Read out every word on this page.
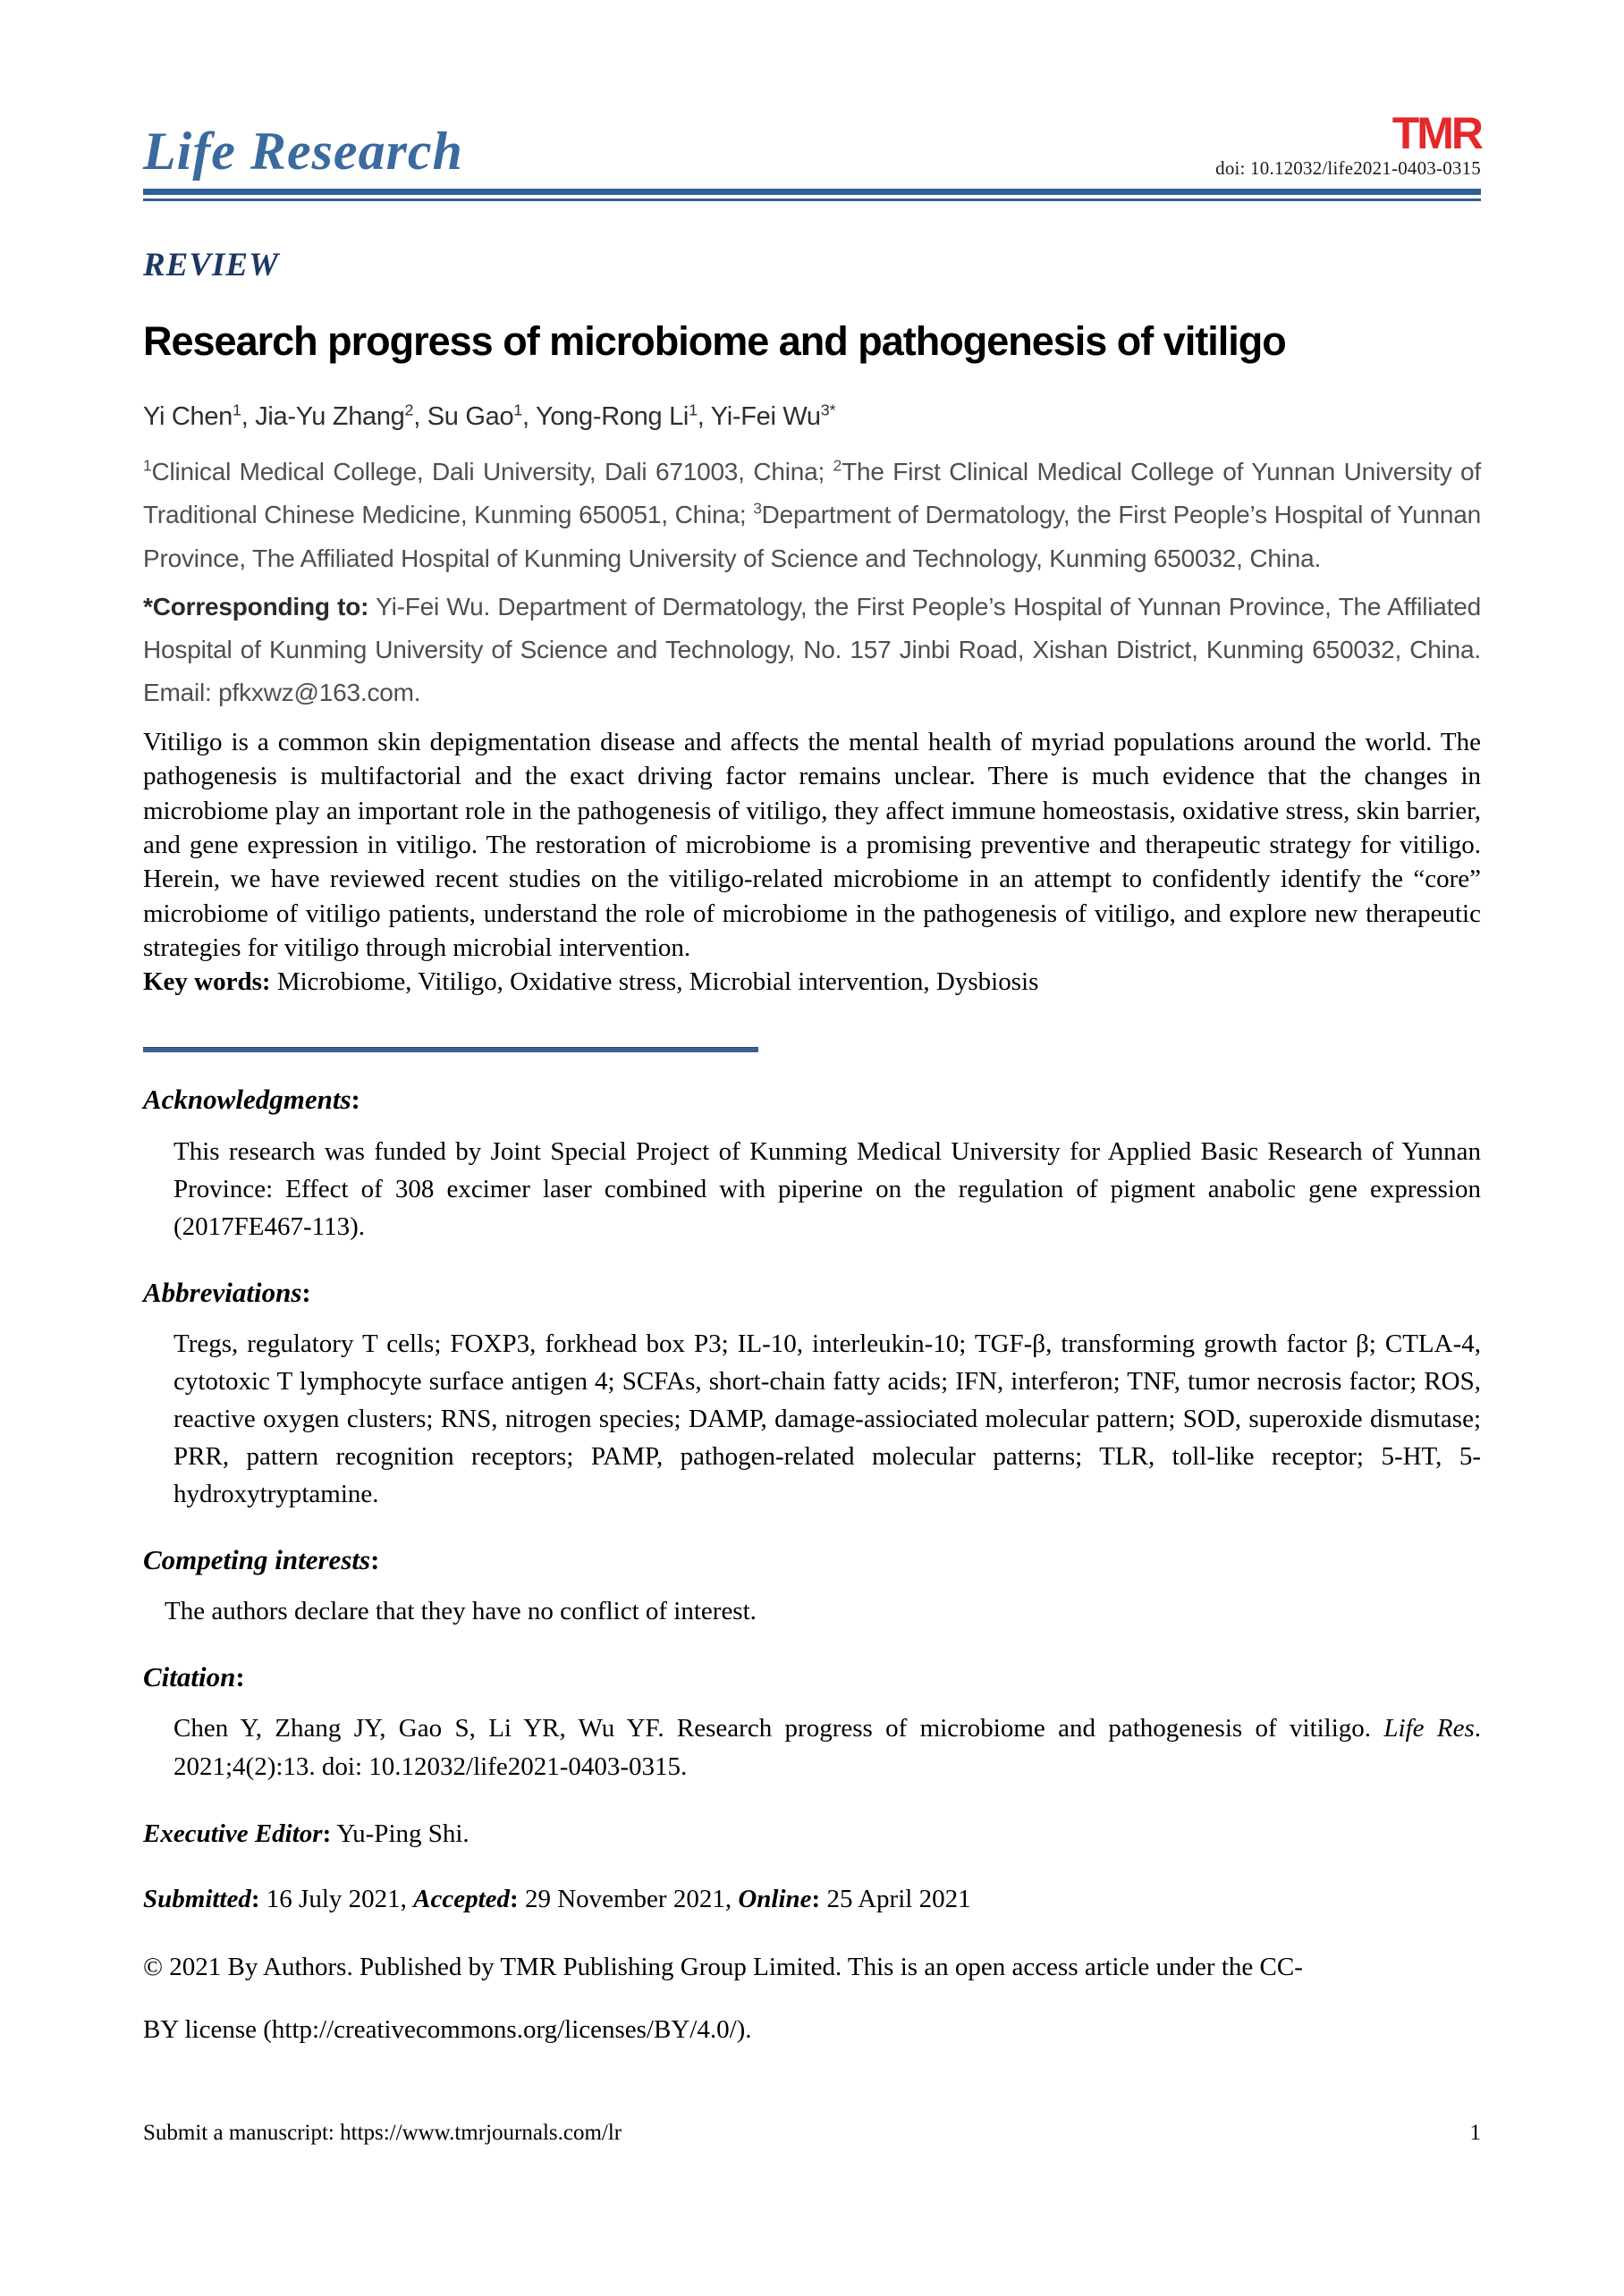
Life Research	TMR
doi: 10.12032/life2021-0403-0315
REVIEW
Research progress of microbiome and pathogenesis of vitiligo
Yi Chen$^1$, Jia-Yu Zhang$^2$, Su Gao$^1$, Yong-Rong Li$^1$, Yi-Fei $Wu^{3*}$
$^1$Clinical Medical College, Dali University, Dali 671003, China; $^2$The First Clinical Medical College of Yunnan University of Traditional Chinese Medicine, Kunming 650051, China; $^3$Department of Dermatology, the First People’s Hospital of Yunnan Province, The Affiliated Hospital of Kunming University of Science and Technology, Kunming 650032, China.
*Corresponding to: Yi-Fei Wu. Department of Dermatology, the First People’s Hospital of Yunnan Province, The Affiliated Hospital of Kunming University of Science and Technology, No. 157 Jinbi Road, Xishan District, Kunming 650032, China. Email: pfkxwz@163.com.
Vitiligo is a common skin depigmentation disease and affects the mental health of myriad populations around the world. The pathogenesis is multifactorial and the exact driving factor remains unclear. There is much evidence that the changes in microbiome play an important role in the pathogenesis of vitiligo, they affect immune homeostasis, oxidative stress, skin barrier, and gene expression in vitiligo. The restoration of microbiome is a promising preventive and therapeutic strategy for vitiligo. Herein, we have reviewed recent studies on the vitiligo-related microbiome in an attempt to confidently identify the “core” microbiome of vitiligo patients, understand the role of microbiome in the pathogenesis of vitiligo, and explore new therapeutic strategies for vitiligo through microbial intervention.
Key words: Microbiome, Vitiligo, Oxidative stress, Microbial intervention, Dysbiosis
Acknowledgments:
This research was funded by Joint Special Project of Kunming Medical University for Applied Basic Research of Yunnan Province: Effect of 308 excimer laser combined with piperine on the regulation of pigment anabolic gene expression (2017FE467-113).
Abbreviations:
Tregs, regulatory T cells; FOXP3, forkhead box P3; IL-10, interleukin-10; TGF-β, transforming growth factor β; CTLA-4, cytotoxic T lymphocyte surface antigen 4; SCFAs, short-chain fatty acids; IFN, interferon; TNF, tumor necrosis factor; ROS, reactive oxygen clusters; RNS, nitrogen species; DAMP, damage-assiociated molecular pattern; SOD, superoxide dismutase; PRR, pattern recognition receptors; PAMP, pathogen-related molecular patterns; TLR, toll-like receptor; 5-HT, 5-hydroxytryptamine.
Competing interests:
The authors declare that they have no conflict of interest.
Citation:
Chen Y, Zhang JY, Gao S, Li YR, Wu YF. Research progress of microbiome and pathogenesis of vitiligo. Life Res. 2021;4(2):13. doi: 10.12032/life2021-0403-0315.
Executive Editor: Yu-Ping Shi.
Submitted: 16 July 2021, Accepted: 29 November 2021, Online: 25 April 2021
© 2021 By Authors. Published by TMR Publishing Group Limited. This is an open access article under the CC-
BY license (http://creativecommons.org/licenses/BY/4.0/).
Submit a manuscript: https://www.tmrjournals.com/lr	1
